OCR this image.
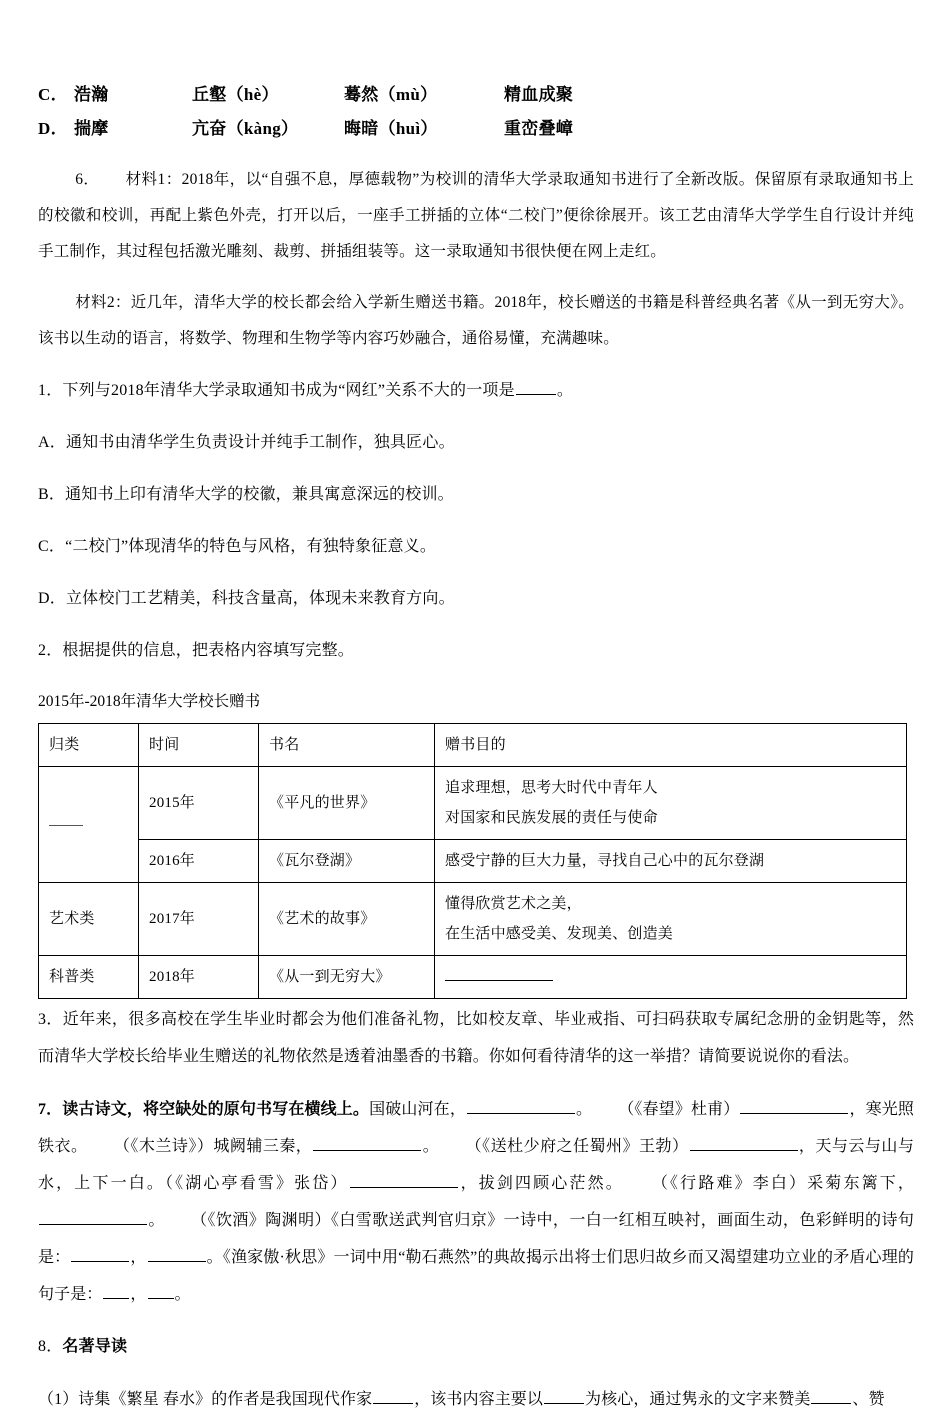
C． 浩瀚	丘壑（hè）	蓦然（mù）	精血成聚
D． 揣摩	亢奋（kàng）	晦暗（huì）	重峦叠嶂

6． 材料1：2018年，以“自强不息，厚德载物”为校训的清华大学录取通知书进行了全新改版。保留原有录取通知书上的校徽和校训，再配上紫色外壳，打开以后，一座手工拼插的立体“二校门”便徐徐展开。该工艺由清华大学学生自行设计并纯手工制作，其过程包括激光雕刻、裁剪、拼插组装等。这一录取通知书很快便在网上走红。

材料2：近几年，清华大学的校长都会给入学新生赠送书籍。2018年，校长赠送的书籍是科普经典名著《从一到无穷大》。该书以生动的语言，将数学、物理和生物学等内容巧妙融合，通俗易懂，充满趣味。

1．下列与2018年清华大学录取通知书成为“网红”关系不大的一项是	。

A．通知书由清华学生负责设计并纯手工制作，独具匠心。

B．通知书上印有清华大学的校徽，兼具寓意深远的校训。

C．“二校门”体现清华的特色与风格，有独特象征意义。

D．立体校门工艺精美，科技含量高，体现未来教育方向。

2．根据提供的信息，把表格内容填写完整。

2015年-2018年清华大学校长赠书
归类	时间	书名	赠书目的
	2015年	《平凡的世界》	追求理想，思考大时代中青年人
对国家和民族发展的责任与使命

	2016年	《瓦尔登湖》	感受宁静的巨大力量，寻找自己心中的瓦尔登湖
艺术类	2017年	《艺术的故事》	懂得欣赏艺术之美，
在生活中感受美、发现美、创造美

科普类	2018年	《从一到无穷大》	

3．近年来，很多高校在学生毕业时都会为他们准备礼物，比如校友章、毕业戒指、可扫码获取专属纪念册的金钥匙等，然而清华大学校长给毕业生赠送的礼物依然是透着油墨香的书籍。你如何看待清华的这一举措？请简要说说你的看法。

7．读古诗文，将空缺处的原句书写在横线上。国破山河在，	。 （《春望》杜甫）	，寒光照铁衣。 （《木兰诗》）城阙辅三秦，	。 （《送杜少府之任蜀州》王勃）	，天与云与山与水，上下一白。（《湖心亭看雪》张岱）	，拔剑四顾心茫然。 （《行路难》李白）采菊东篱下，。 （《饮酒》陶渊明）《白雪歌送武判官归京》一诗中，一白一红相互映衬，画面生动，色彩鲜明的诗句是：	，	。《渔家傲·秋思》一词中用“勒石燕然”的典故揭示出将士们思归故乡而又渴望建功立业的矛盾心理的句子是： ， 。

8．名著导读

（1）诗集《繁星 春水》的作者是我国现代作家	，该书内容主要以	为核心，通过隽永的文字来赞美	、赞
